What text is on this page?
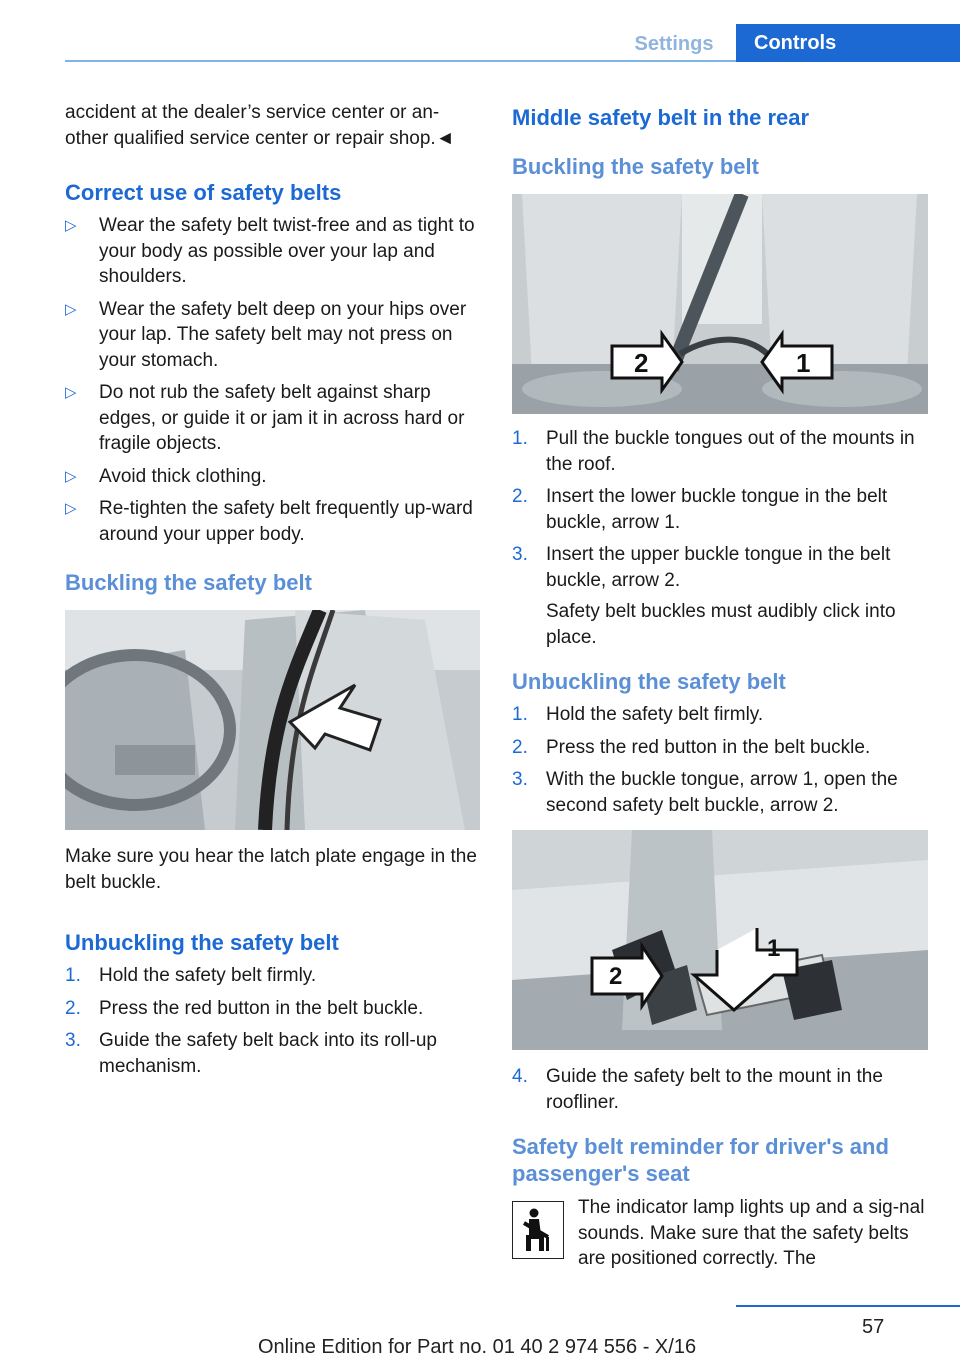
Settings	Controls

accident at the dealer’s service center or an-other qualified service center or repair shop.◄

Correct use of safety belts
▷ Wear the safety belt twist-free and as tight to your body as possible over your lap and shoulders.
▷ Wear the safety belt deep on your hips over your lap. The safety belt may not press on your stomach.
▷ Do not rub the safety belt against sharp edges, or guide it or jam it in across hard or fragile objects.
▷ Avoid thick clothing.
▷ Re-tighten the safety belt frequently up-ward around your upper body.
Buckling the safety belt

Make sure you hear the latch plate engage in the belt buckle.

Unbuckling the safety belt
1. Hold the safety belt firmly.
2. Press the red button in the belt buckle.
3. Guide the safety belt back into its roll-up mechanism.
Middle safety belt in the rear
Buckling the safety belt
2	1
1. Pull the buckle tongues out of the mounts in the roof.
2. Insert the lower buckle tongue in the belt buckle, arrow 1.
3. Insert the upper buckle tongue in the belt buckle, arrow 2.
Safety belt buckles must audibly click into place.
Unbuckling the safety belt
1. Hold the safety belt firmly.
2. Press the red button in the belt buckle.
3. With the buckle tongue, arrow 1, open the second safety belt buckle, arrow 2.
2
1
4. Guide the safety belt to the mount in the roofliner.
Safety belt reminder for driver's and passenger's seat

The indicator lamp lights up and a sig-nal sounds. Make sure that the safety belts are positioned correctly. The

57
Online Edition for Part no. 01 40 2 974 556 - X/16
